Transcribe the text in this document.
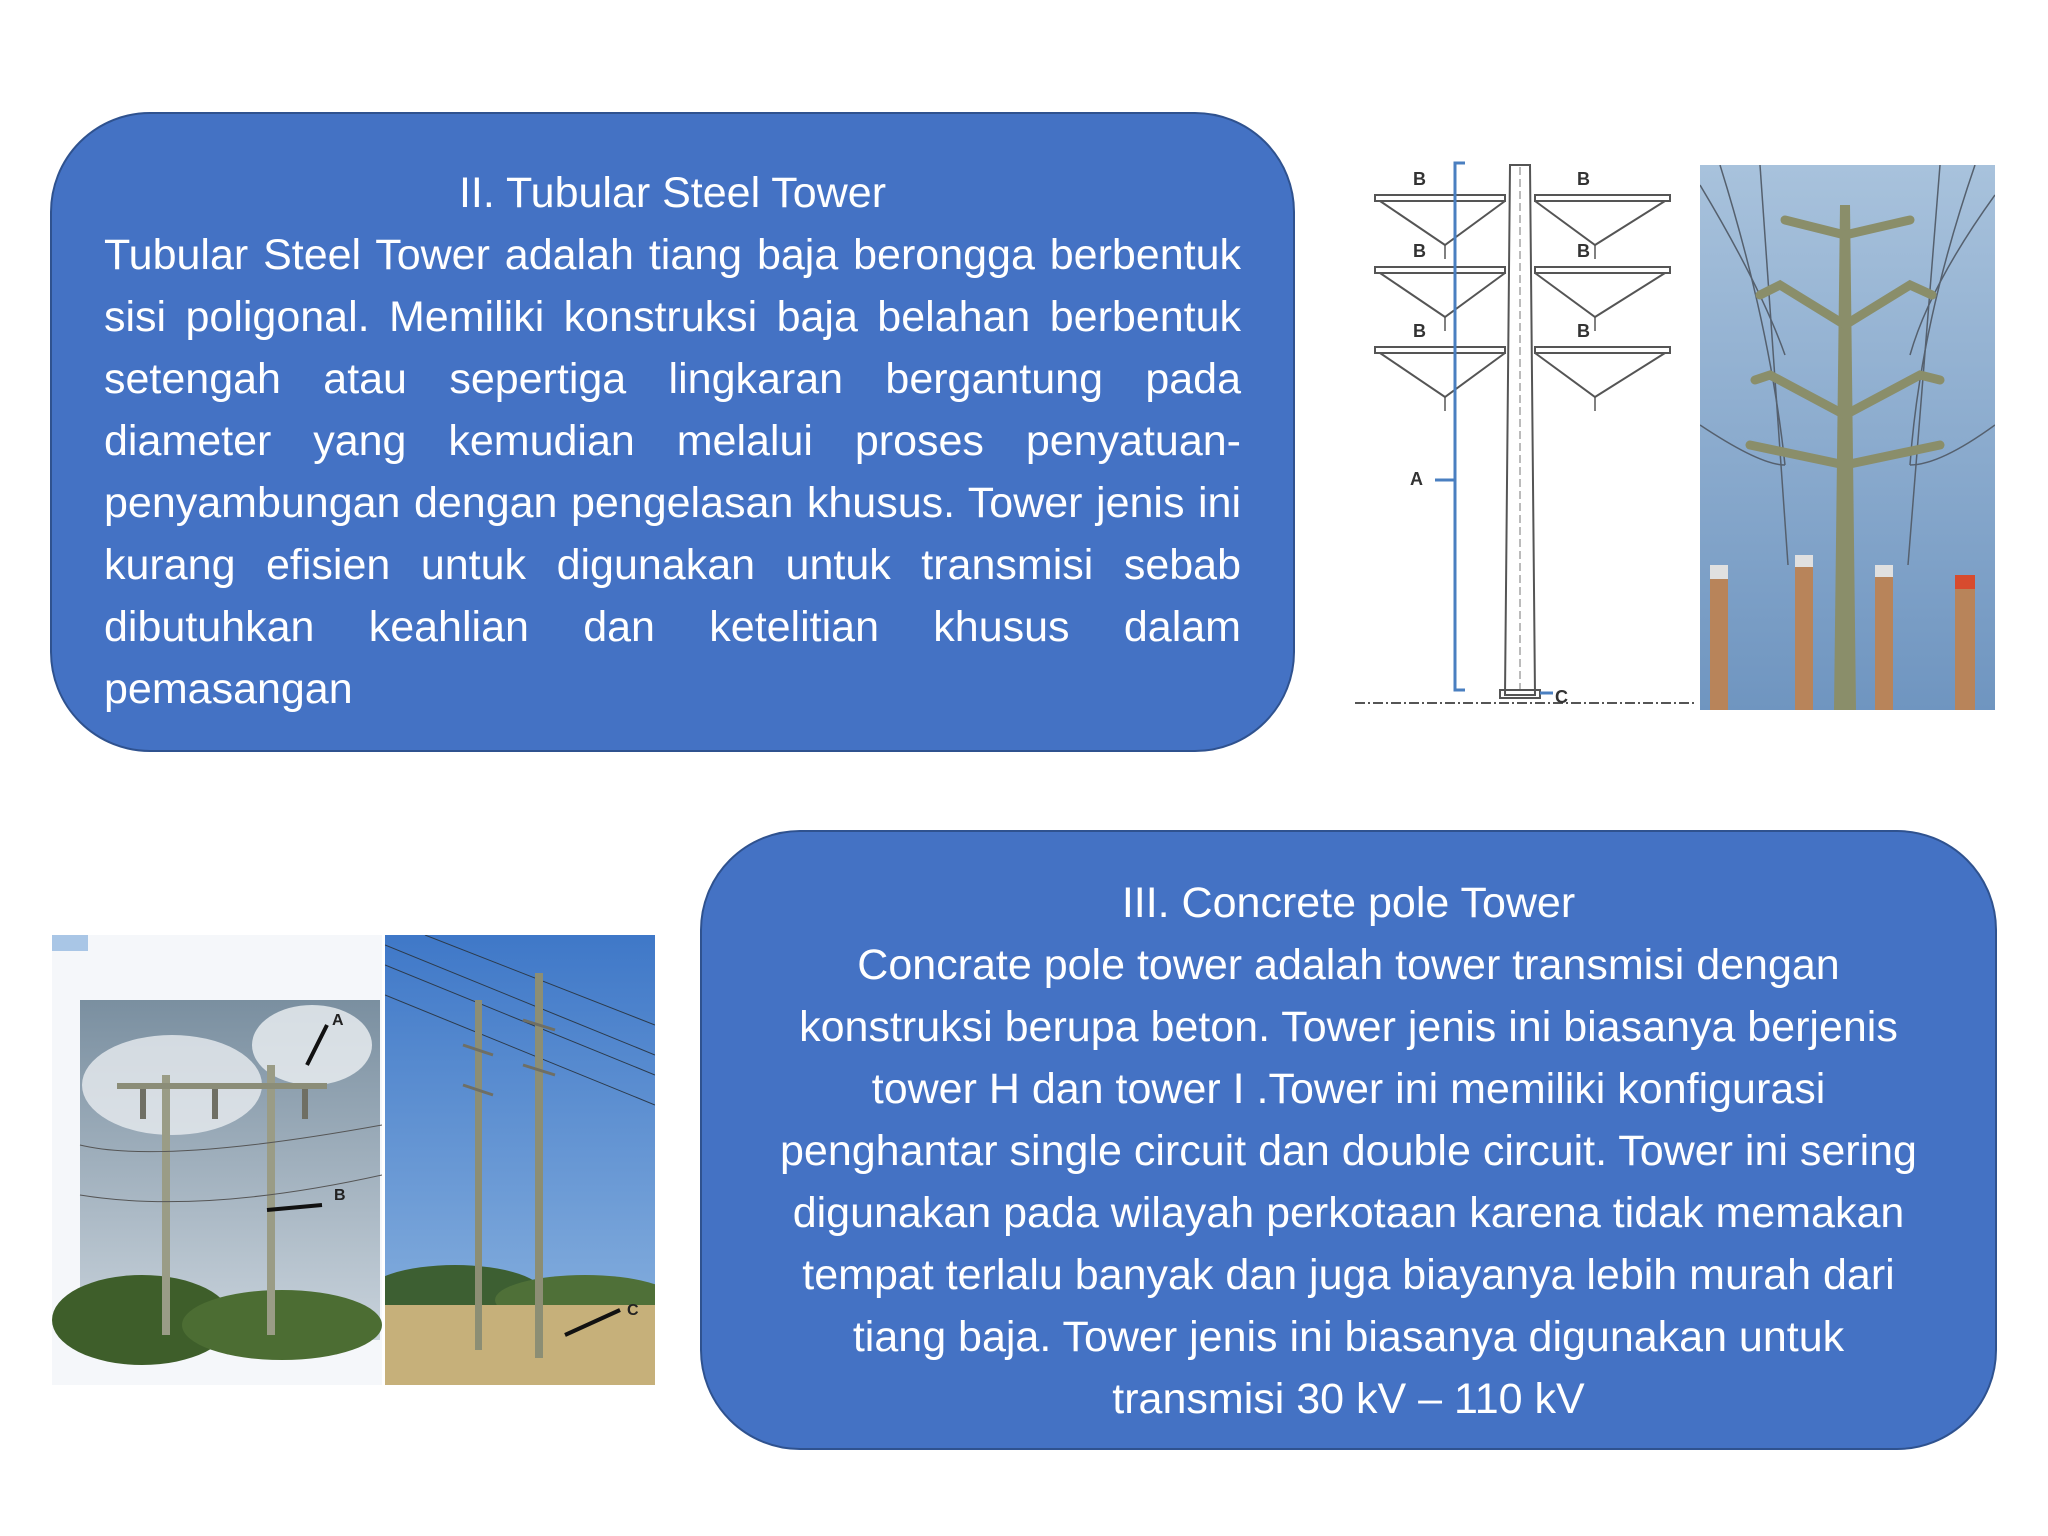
II. Tubular Steel Tower
Tubular Steel Tower adalah tiang baja berongga berbentuk sisi poligonal. Memiliki konstruksi baja belahan berbentuk setengah atau sepertiga lingkaran bergantung pada diameter yang kemudian melalui proses penyatuan-penyambungan dengan pengelasan khusus. Tower jenis ini kurang efisien untuk digunakan untuk transmisi sebab dibutuhkan keahlian dan ketelitian khusus dalam pemasangan
B	B
B	B
B	B
A
C
A
B
C
III. Concrete pole Tower
Concrate pole tower adalah tower transmisi dengan konstruksi berupa beton. Tower jenis ini biasanya berjenis tower H dan tower I .Tower ini memiliki konfigurasi penghantar single circuit dan double circuit. Tower ini sering digunakan pada wilayah perkotaan karena tidak memakan tempat terlalu banyak dan juga biayanya lebih murah dari tiang baja. Tower jenis ini biasanya digunakan untuk transmisi 30 kV – 110 kV
